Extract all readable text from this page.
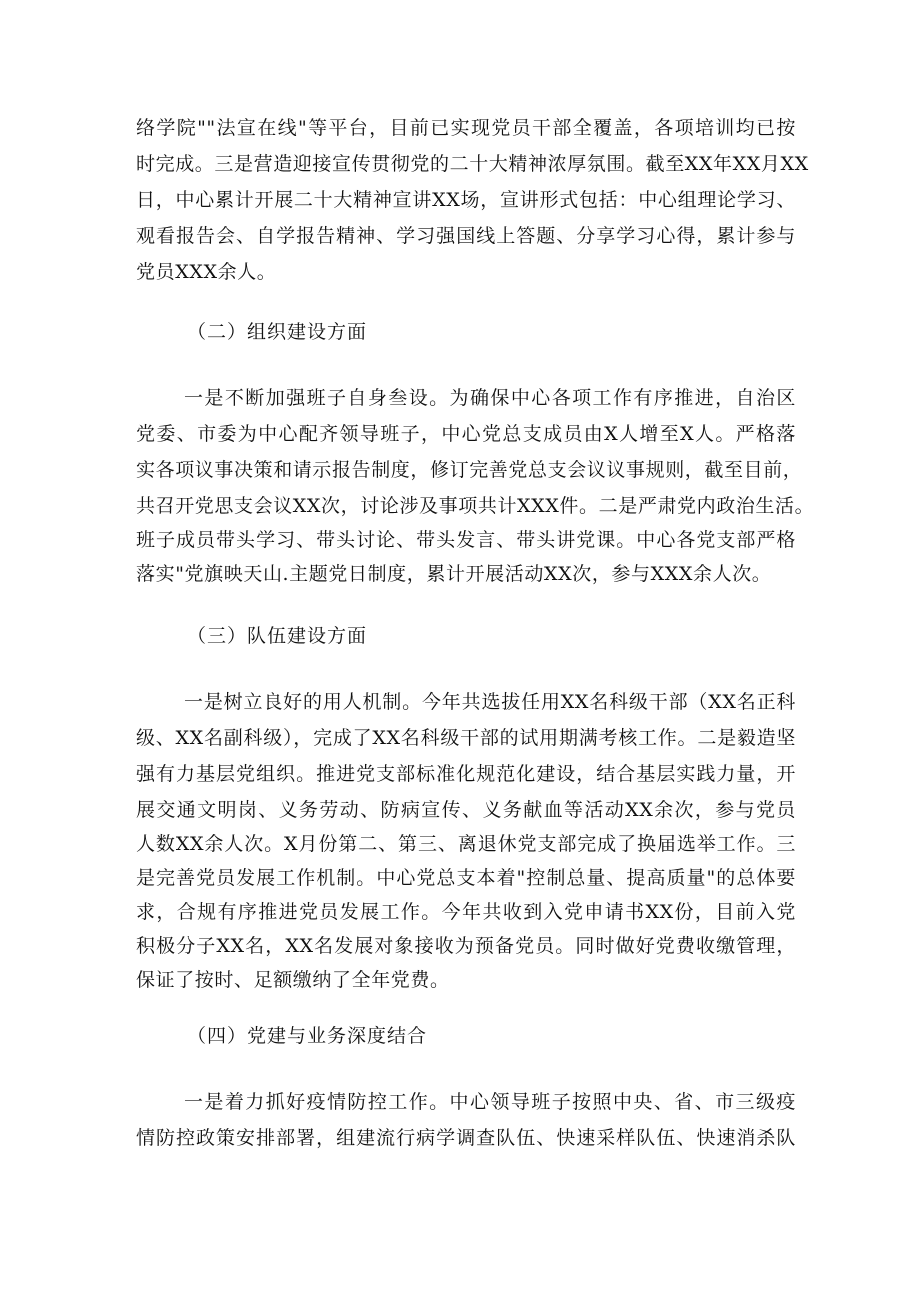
络学院""法宣在线"等平台，目前已实现党员干部全覆盖，各项培训均已按
时完成。三是营造迎接宣传贯彻党的二十大精神浓厚氛围。截至XX年XX月XX
日，中心累计开展二十大精神宣讲XX场，宣讲形式包括：中心组理论学习、
观看报告会、自学报告精神、学习强国线上答题、分享学习心得，累计参与
党员XXX余人。
（二）组织建设方面
一是不断加强班子自身叁设。为确保中心各项工作有序推进，自治区
党委、市委为中心配齐领导班子，中心党总支成员由X人增至X人。严格落
实各项议事决策和请示报告制度，修订完善党总支会议议事规则，截至目前，
共召开党思支会议XX次，讨论涉及事项共计XXX件。二是严肃党内政治生活。
班子成员带头学习、带头讨论、带头发言、带头讲党课。中心各党支部严格
落实"党旗映天山.主题党日制度，累计开展活动XX次，参与XXX余人次。
（三）队伍建设方面
一是树立良好的用人机制。今年共选拔任用XX名科级干部（XX名正科
级、XX名副科级），完成了XX名科级干部的试用期满考核工作。二是毅造坚
强有力基层党组织。推进党支部标准化规范化建设，结合基层实践力量，开
展交通文明岗、义务劳动、防病宣传、义务献血等活动XX余次，参与党员
人数XX余人次。X月份第二、第三、离退休党支部完成了换届选举工作。三
是完善党员发展工作机制。中心党总支本着"控制总量、提高质量"的总体要
求，合规有序推进党员发展工作。今年共收到入党申请书XX份，目前入党
积极分子XX名，XX名发展对象接收为预备党员。同时做好党费收缴管理，
保证了按时、足额缴纳了全年党费。
（四）党建与业务深度结合
一是着力抓好疫情防控工作。中心领导班子按照中央、省、市三级疫
情防控政策安排部署，组建流行病学调查队伍、快速采样队伍、快速消杀队
